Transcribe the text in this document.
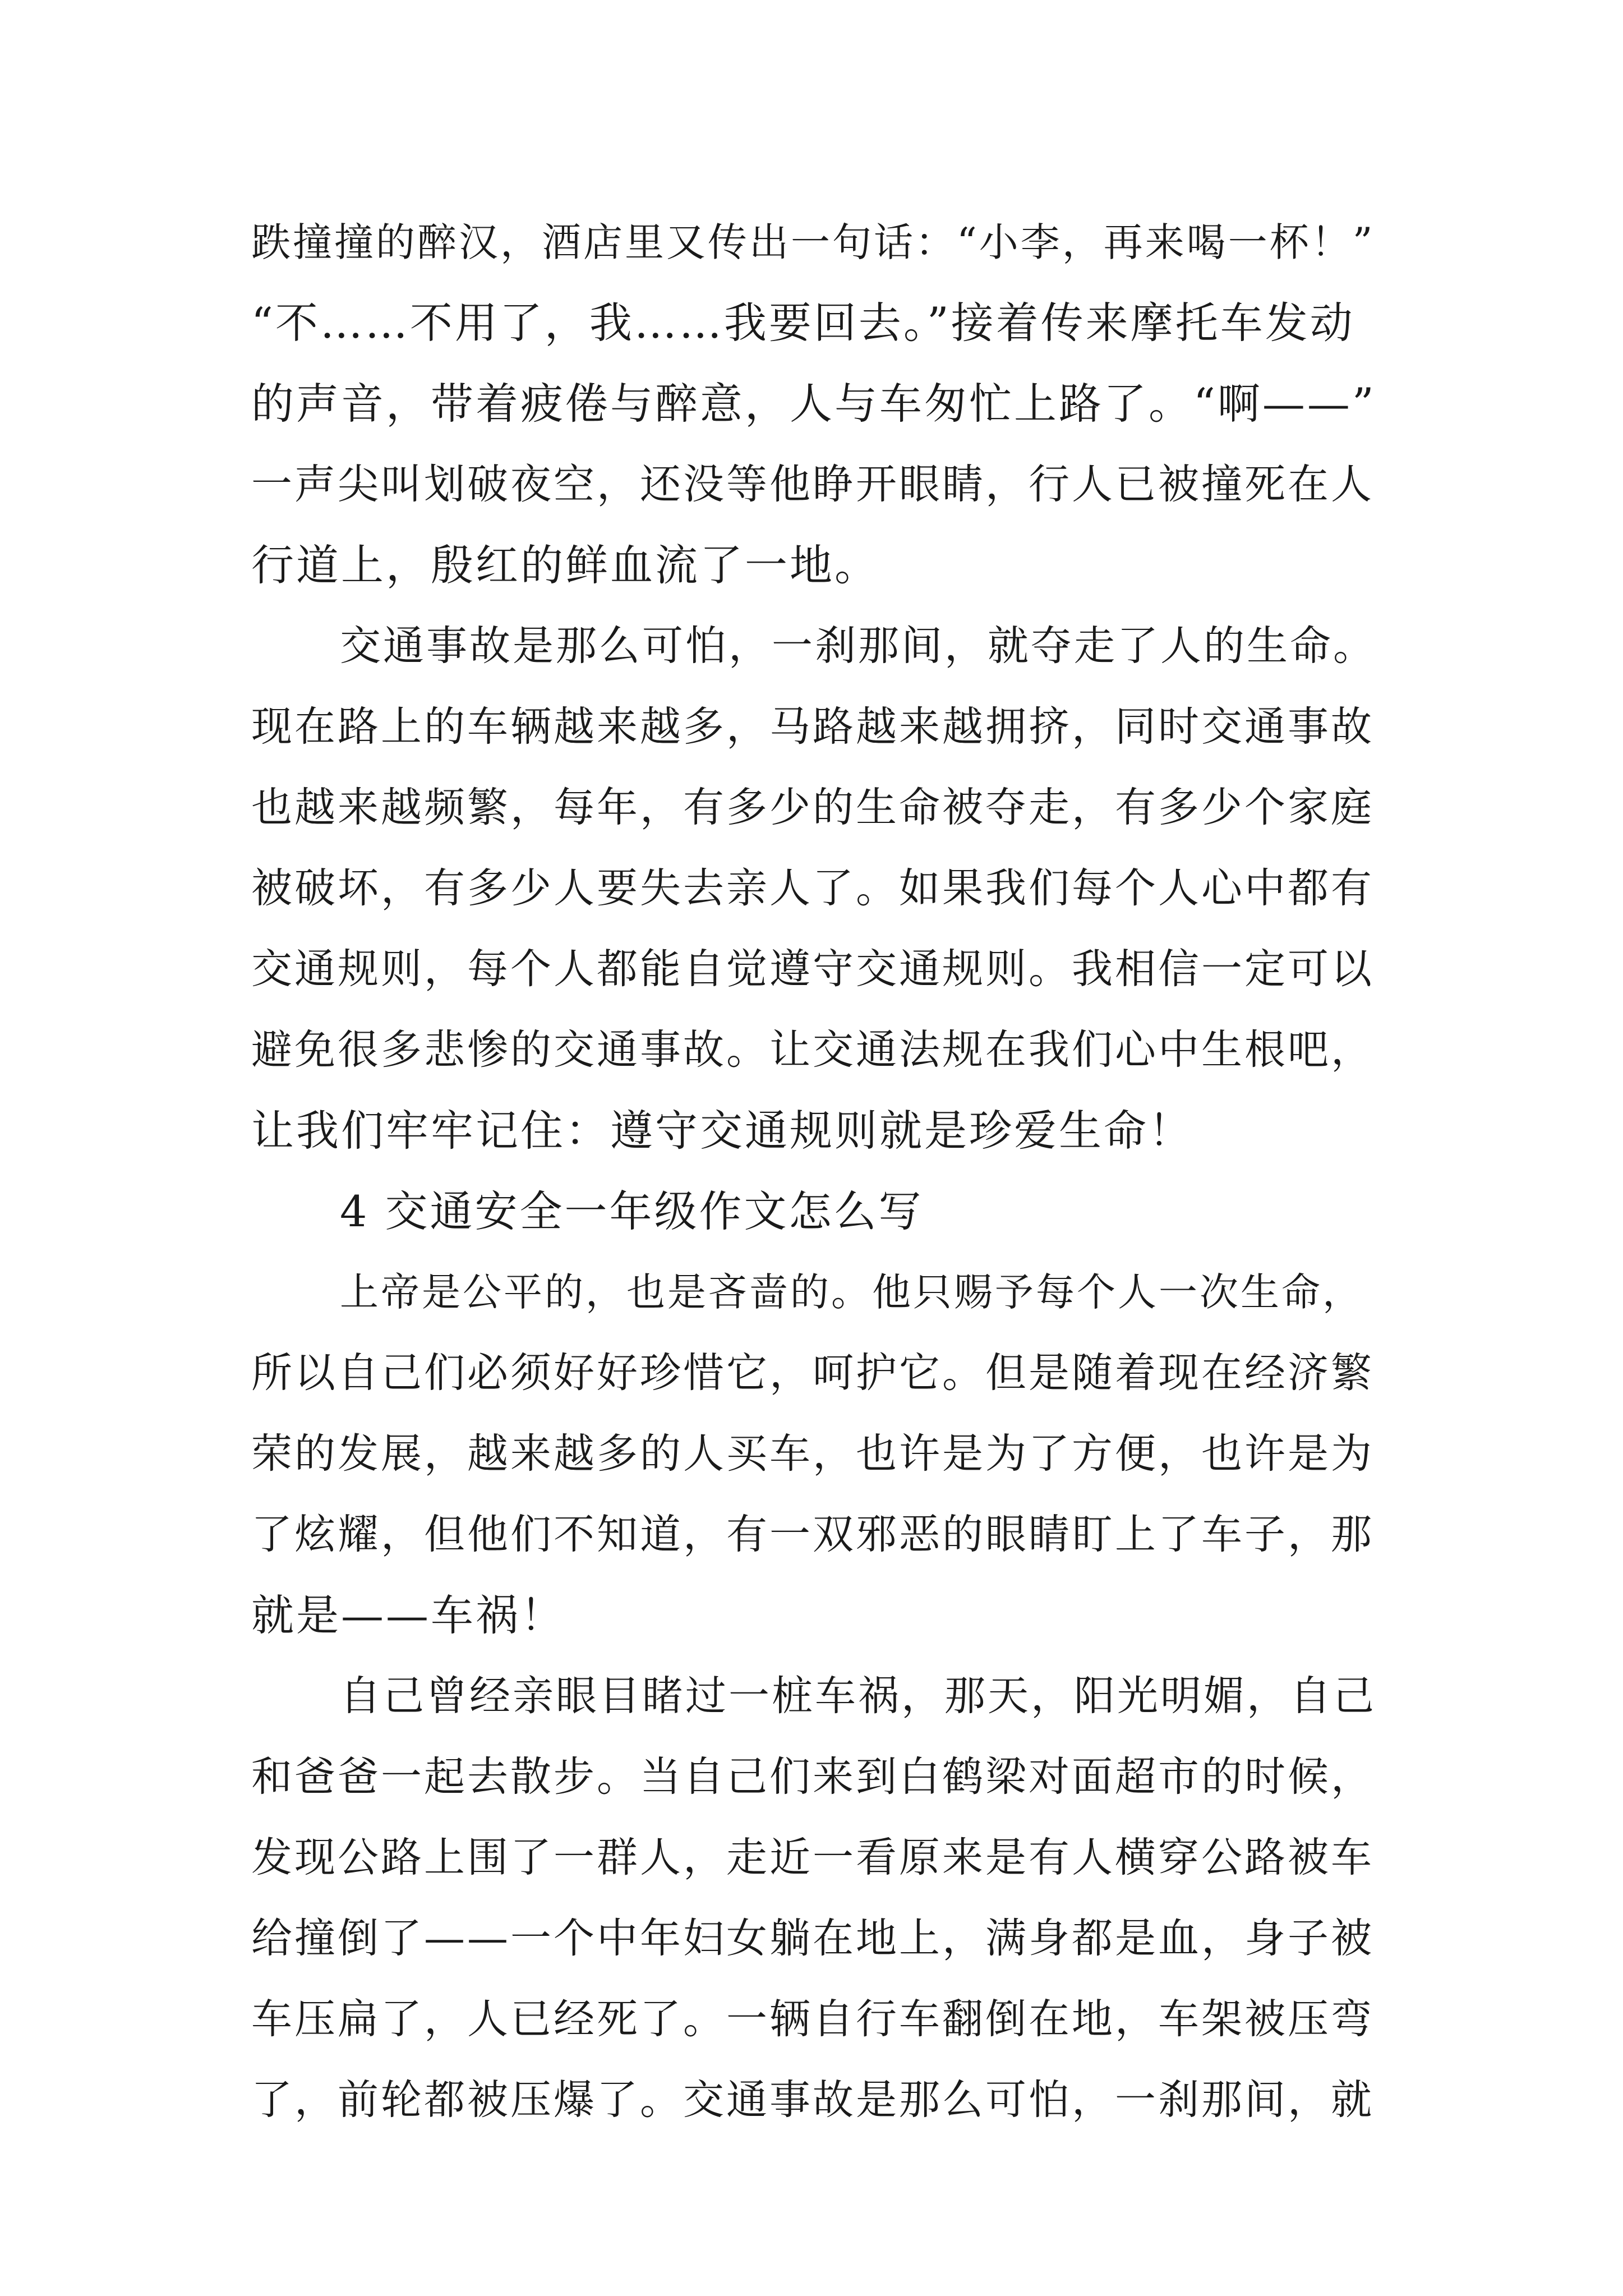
跌撞撞的醉汉，酒店里又传出一句话：“小李，再来喝一杯！”
“不……不用了，我……我要回去。”接着传来摩托车发动
的声音，带着疲倦与醉意，人与车匆忙上路了。“啊——”
一声尖叫划破夜空，还没等他睁开眼睛，行人已被撞死在人
行道上，殷红的鲜血流了一地。
交通事故是那么可怕，一刹那间，就夺走了人的生命。
现在路上的车辆越来越多，马路越来越拥挤，同时交通事故
也越来越频繁，每年，有多少的生命被夺走，有多少个家庭
被破坏，有多少人要失去亲人了。如果我们每个人心中都有
交通规则，每个人都能自觉遵守交通规则。我相信一定可以
避免很多悲惨的交通事故。让交通法规在我们心中生根吧，
让我们牢牢记住：遵守交通规则就是珍爱生命！
4 交通安全一年级作文怎么写
上帝是公平的，也是吝啬的。他只赐予每个人一次生命，
所以自己们必须好好珍惜它，呵护它。但是随着现在经济繁
荣的发展，越来越多的人买车，也许是为了方便，也许是为
了炫耀，但他们不知道，有一双邪恶的眼睛盯上了车子，那
就是——车祸！
自己曾经亲眼目睹过一桩车祸，那天，阳光明媚，自己
和爸爸一起去散步。当自己们来到白鹤梁对面超市的时候，
发现公路上围了一群人，走近一看原来是有人横穿公路被车
给撞倒了——一个中年妇女躺在地上，满身都是血，身子被
车压扁了，人已经死了。一辆自行车翻倒在地，车架被压弯
了，前轮都被压爆了。交通事故是那么可怕，一刹那间，就
